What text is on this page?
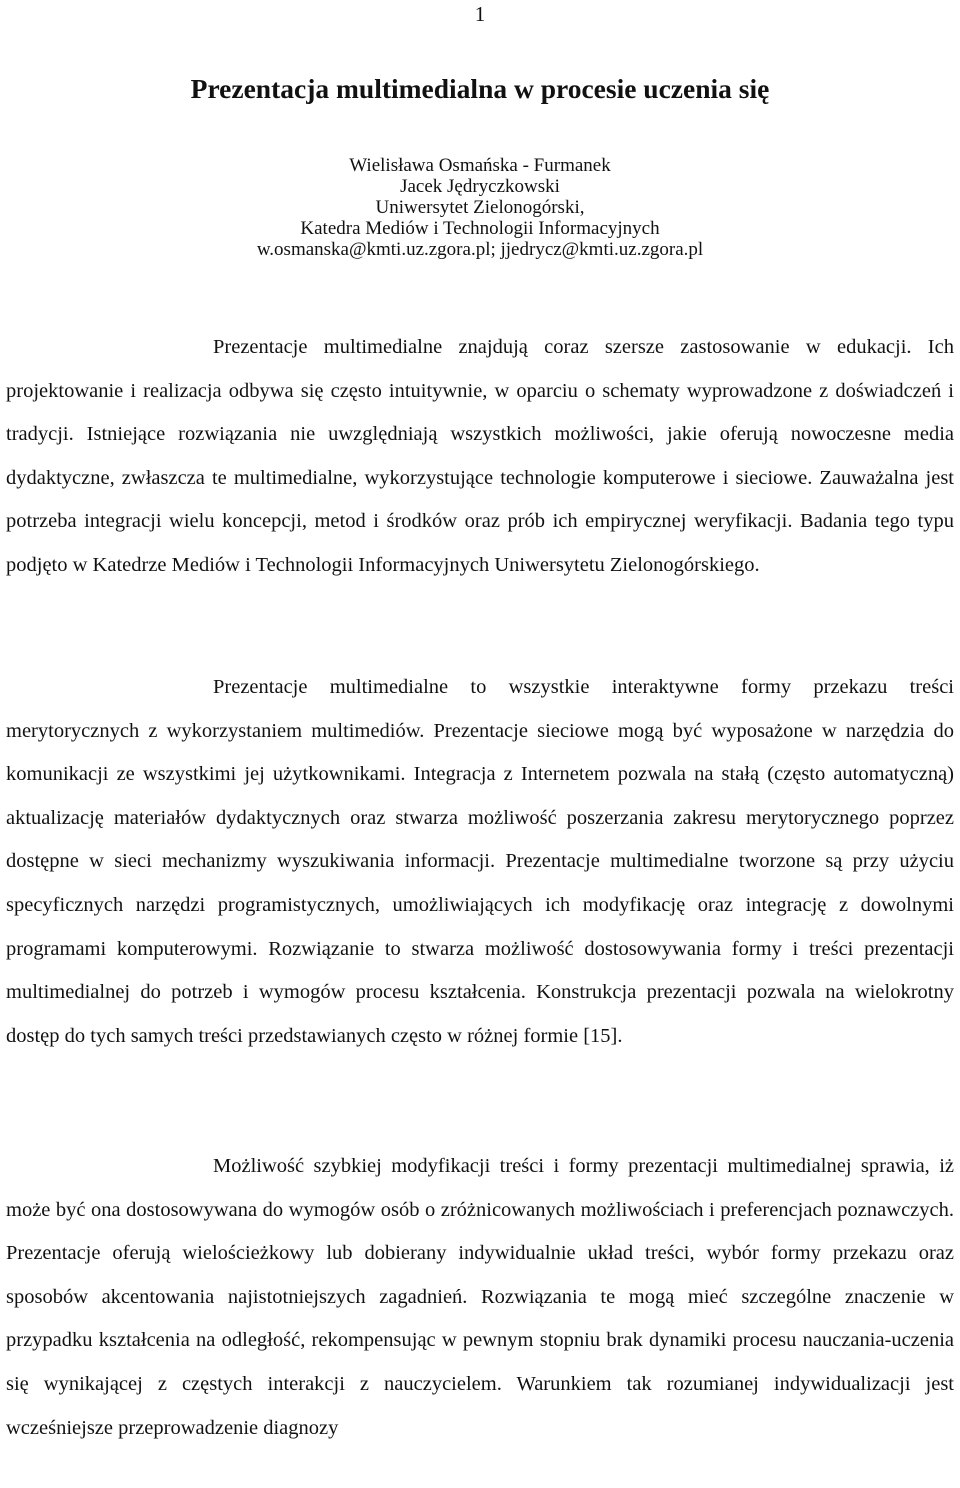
1
Prezentacja multimedialna w procesie uczenia się
Wielisława Osmańska - Furmanek
Jacek Jędryczkowski
Uniwersytet Zielonogórski,
Katedra Mediów i Technologii Informacyjnych
w.osmanska@kmti.uz.zgora.pl; jjedrycz@kmti.uz.zgora.pl

Prezentacje multimedialne znajdują coraz szersze zastosowanie w edukacji. Ich projektowanie i realizacja odbywa się często intuitywnie, w oparciu o schematy wyprowadzone z doświadczeń i tradycji. Istniejące rozwiązania nie uwzględniają wszystkich możliwości, jakie oferują nowoczesne media dydaktyczne, zwłaszcza te multimedialne, wykorzystujące technologie komputerowe i sieciowe. Zauważalna jest potrzeba integracji wielu koncepcji, metod i środków oraz prób ich empirycznej weryfikacji. Badania tego typu podjęto w Katedrze Mediów i Technologii Informacyjnych Uniwersytetu Zielonogórskiego.

Prezentacje multimedialne to wszystkie interaktywne formy przekazu treści merytorycznych z wykorzystaniem multimediów. Prezentacje sieciowe mogą być wyposażone w narzędzia do komunikacji ze wszystkimi jej użytkownikami. Integracja z Internetem pozwala na stałą (często automatyczną) aktualizację materiałów dydaktycznych oraz stwarza możliwość poszerzania zakresu merytorycznego poprzez dostępne w sieci mechanizmy wyszukiwania informacji. Prezentacje multimedialne tworzone są przy użyciu specyficznych narzędzi programistycznych, umożliwiających ich modyfikację oraz integrację z dowolnymi programami komputerowymi. Rozwiązanie to stwarza możliwość dostosowywania formy i treści prezentacji multimedialnej do potrzeb i wymogów procesu kształcenia. Konstrukcja prezentacji pozwala na wielokrotny dostęp do tych samych treści przedstawianych często w różnej formie [15].

Możliwość szybkiej modyfikacji treści i formy prezentacji multimedialnej sprawia, iż może być ona dostosowywana do wymogów osób o zróżnicowanych możliwościach i preferencjach poznawczych. Prezentacje oferują wielościeżkowy lub dobierany indywidualnie układ treści, wybór formy przekazu oraz sposobów akcentowania najistotniejszych zagadnień. Rozwiązania te mogą mieć szczególne znaczenie w przypadku kształcenia na odległość, rekompensując w pewnym stopniu brak dynamiki procesu nauczania-uczenia się wynikającej z częstych interakcji z nauczycielem. Warunkiem tak rozumianej indywidualizacji jest wcześniejsze przeprowadzenie diagnozy
